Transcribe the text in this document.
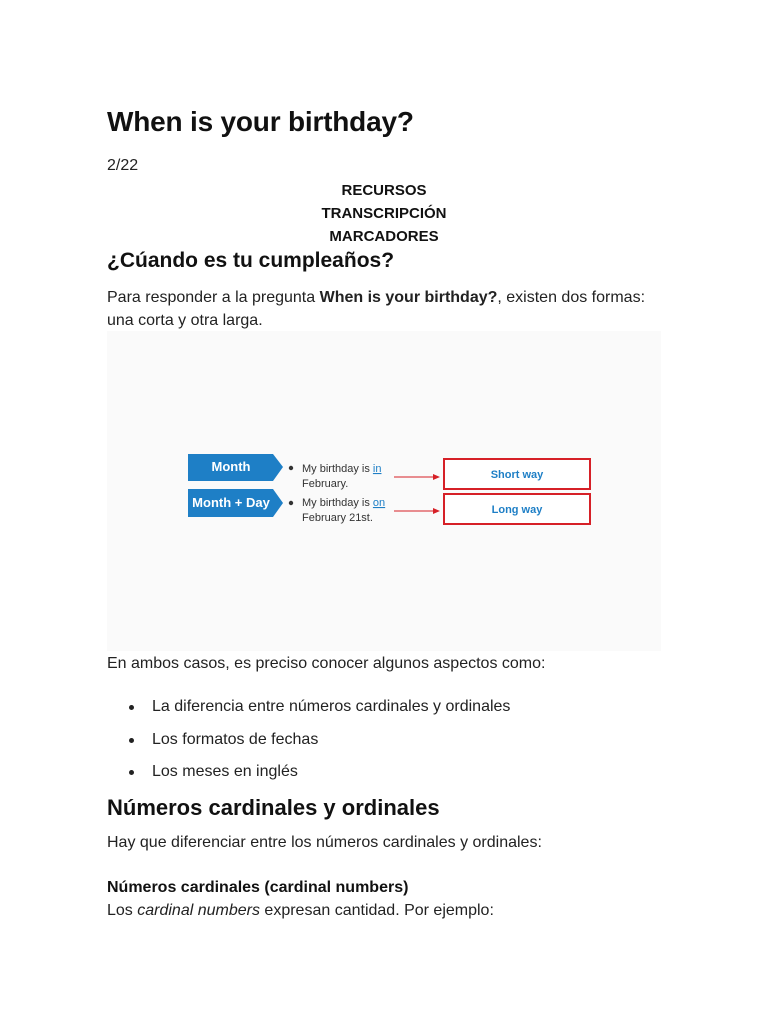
When is your birthday?
2/22
RECURSOS
TRANSCRIPCIÓN
MARCADORES
¿Cúando es tu cumpleaños?
Para responder a la pregunta When is your birthday?, existen dos formas: una corta y otra larga.
Month	My birthday is in
February.
Short way
Month + Day	My birthday is on
February 21st.
Long way
En ambos casos, es preciso conocer algunos aspectos como:
La diferencia entre números cardinales y ordinales
Los formatos de fechas
Los meses en inglés
Números cardinales y ordinales
Hay que diferenciar entre los números cardinales y ordinales:
Números cardinales (cardinal numbers)
Los cardinal numbers expresan cantidad. Por ejemplo:
